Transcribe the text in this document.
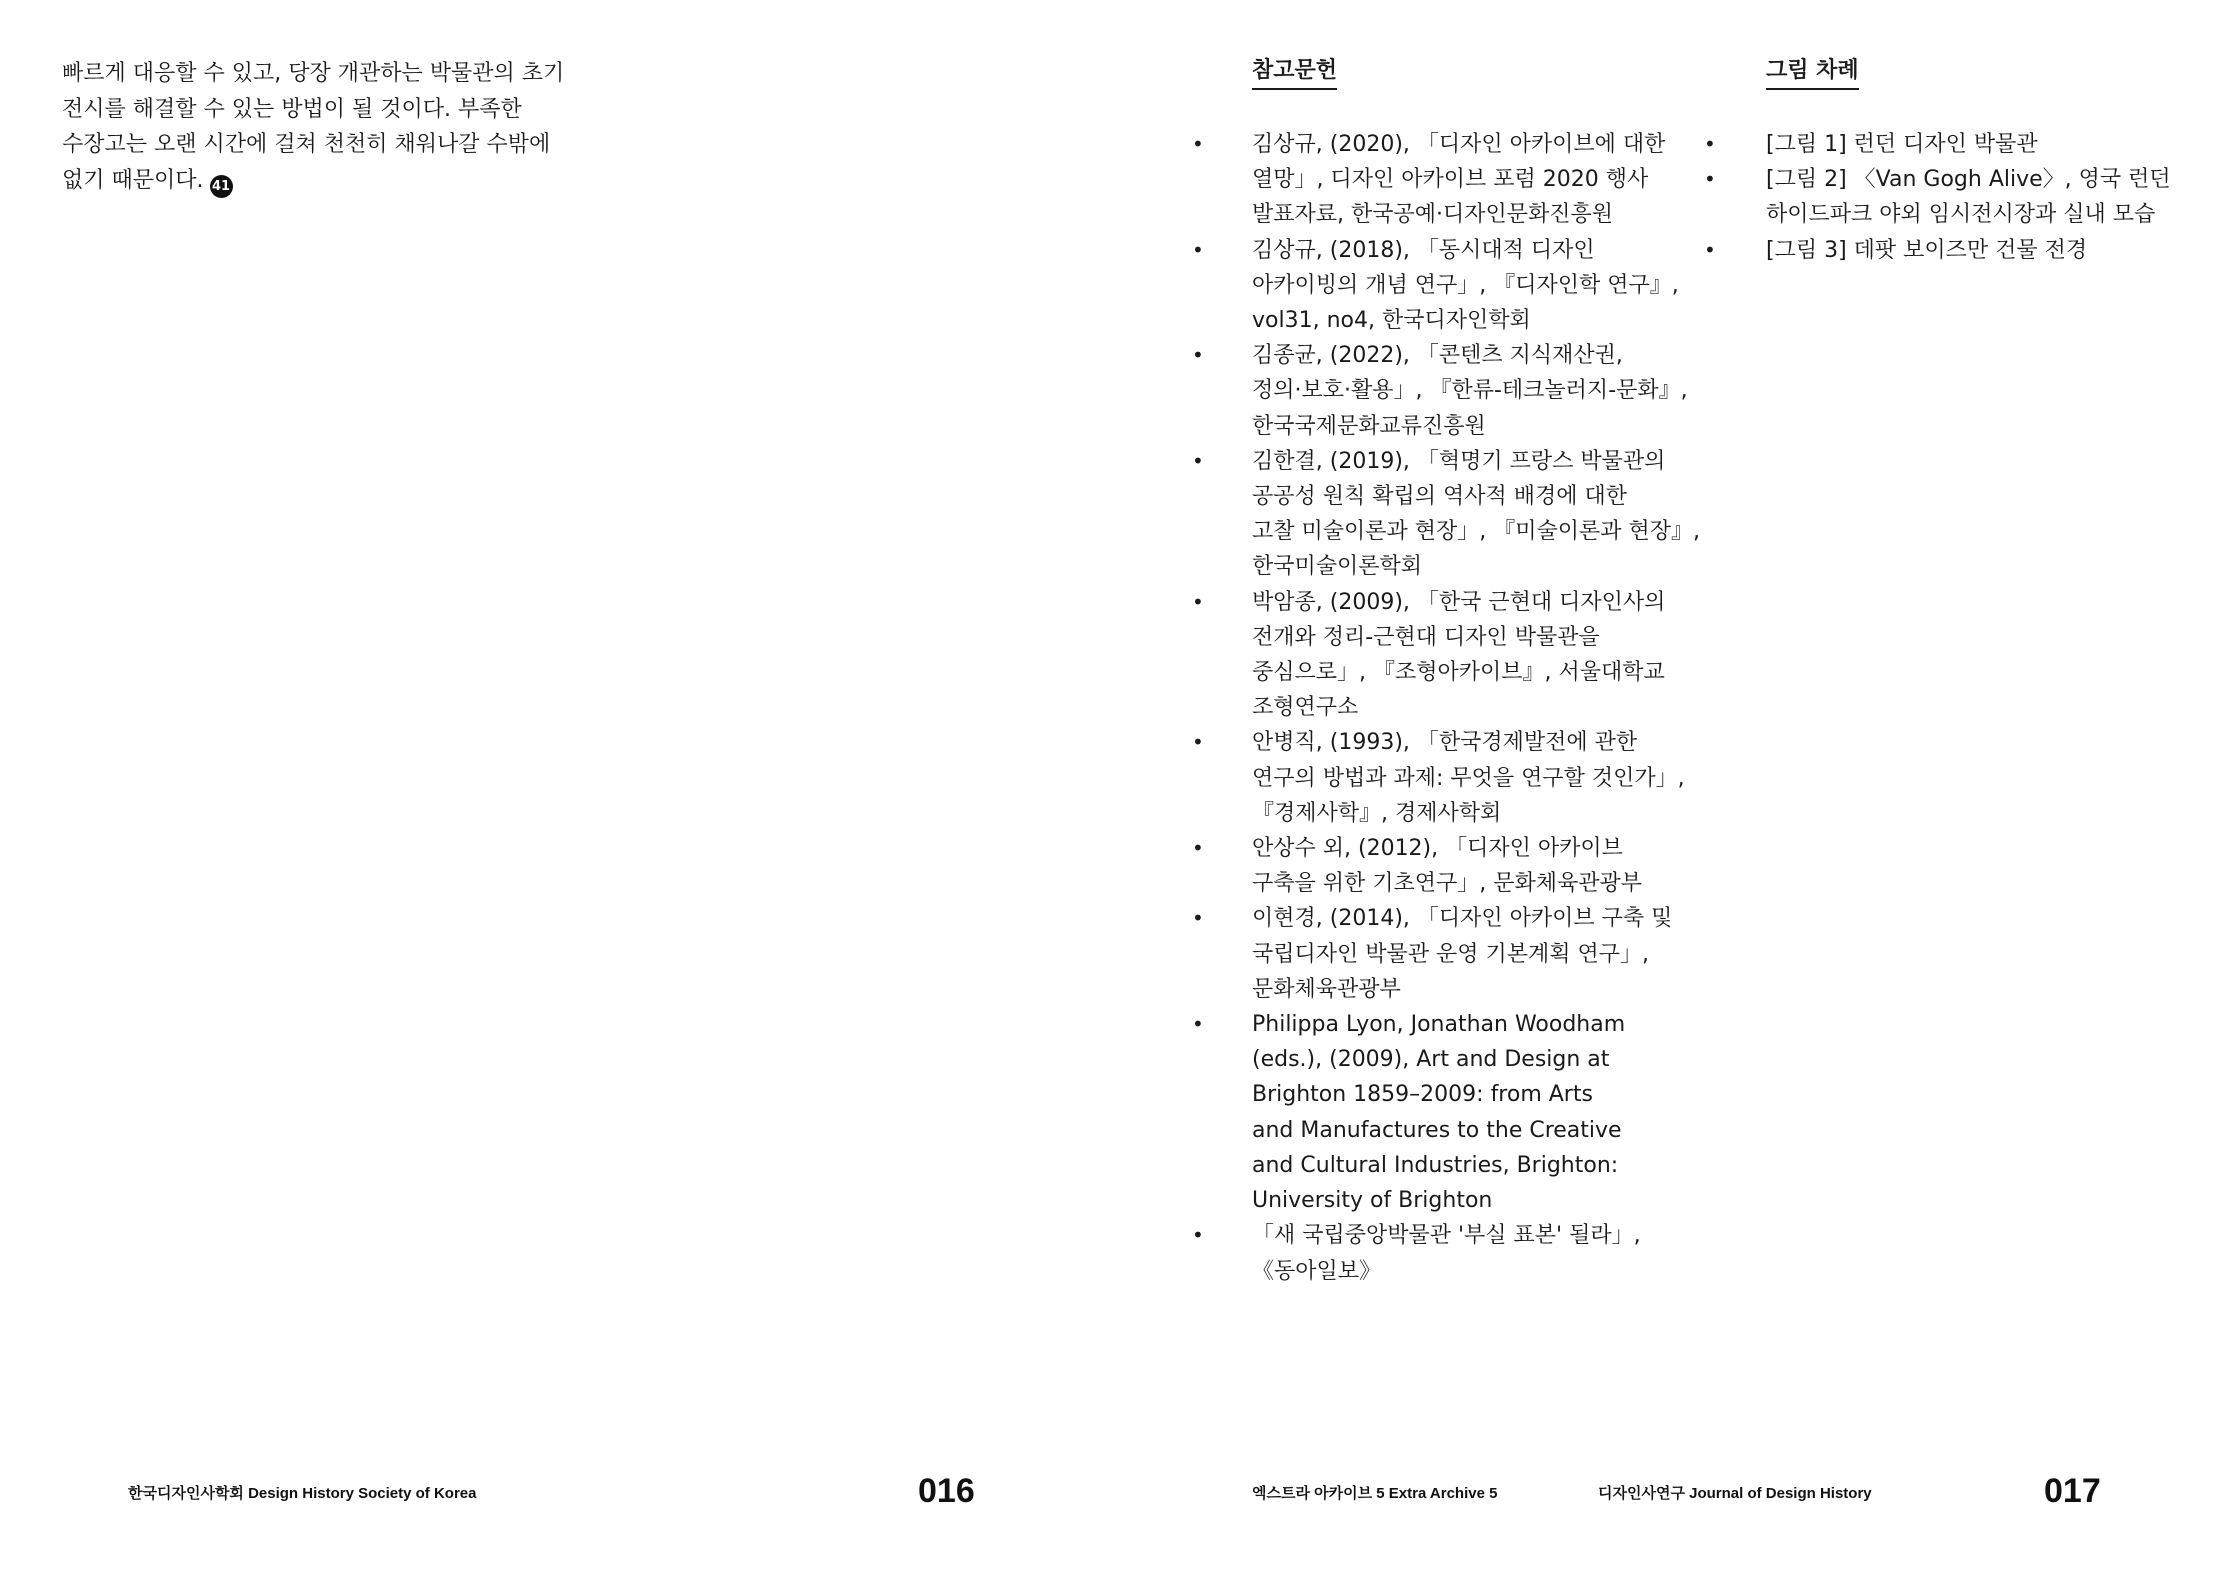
빠르게 대응할 수 있고, 당장 개관하는 박물관의 초기
전시를 해결할 수 있는 방법이 될 것이다. 부족한
수장고는 오랜 시간에 걸쳐 천천히 채워나갈 수밖에
없기 때문이다. 41
참고문헌
• 김상규, (2020), 「디자인 아카이브에 대한
열망」, 디자인 아카이브 포럼 2020 행사
발표자료, 한국공예·디자인문화진흥원
• 김상규, (2018), 「동시대적 디자인
아카이빙의 개념 연구」, 『디자인학 연구』,
vol31, no4, 한국디자인학회
• 김종균, (2022), 「콘텐츠 지식재산권,
정의·보호·활용」, 『한류-테크놀러지-문화』,
한국국제문화교류진흥원
• 김한결, (2019), 「혁명기 프랑스 박물관의
공공성 원칙 확립의 역사적 배경에 대한
고찰 미술이론과 현장」, 『미술이론과 현장』,
한국미술이론학회
• 박암종, (2009), 「한국 근현대 디자인사의
전개와 정리-근현대 디자인 박물관을
중심으로」, 『조형아카이브』, 서울대학교
조형연구소
• 안병직, (1993), 「한국경제발전에 관한
연구의 방법과 과제: 무엇을 연구할 것인가」,
『경제사학』, 경제사학회
• 안상수 외, (2012), 「디자인 아카이브
구축을 위한 기초연구」, 문화체육관광부
• 이현경, (2014), 「디자인 아카이브 구축 및
국립디자인 박물관 운영 기본계획 연구」,
문화체육관광부
• Philippa Lyon, Jonathan Woodham
(eds.), (2009), Art and Design at
Brighton 1859–2009: from Arts
and Manufactures to the Creative
and Cultural Industries, Brighton:
University of Brighton
• 「새 국립중앙박물관 '부실 표본' 될라」,
《동아일보》
그림 차례
• [그림 1] 런던 디자인 박물관
• [그림 2] 〈Van Gogh Alive〉, 영국 런던
하이드파크 야외 임시전시장과 실내 모습
• [그림 3] 데팟 보이즈만 건물 전경
한국디자인사학회 Design History Society of Korea	016	엑스트라 아카이브 5 Extra Archive 5	디자인사연구 Journal of Design History	017
